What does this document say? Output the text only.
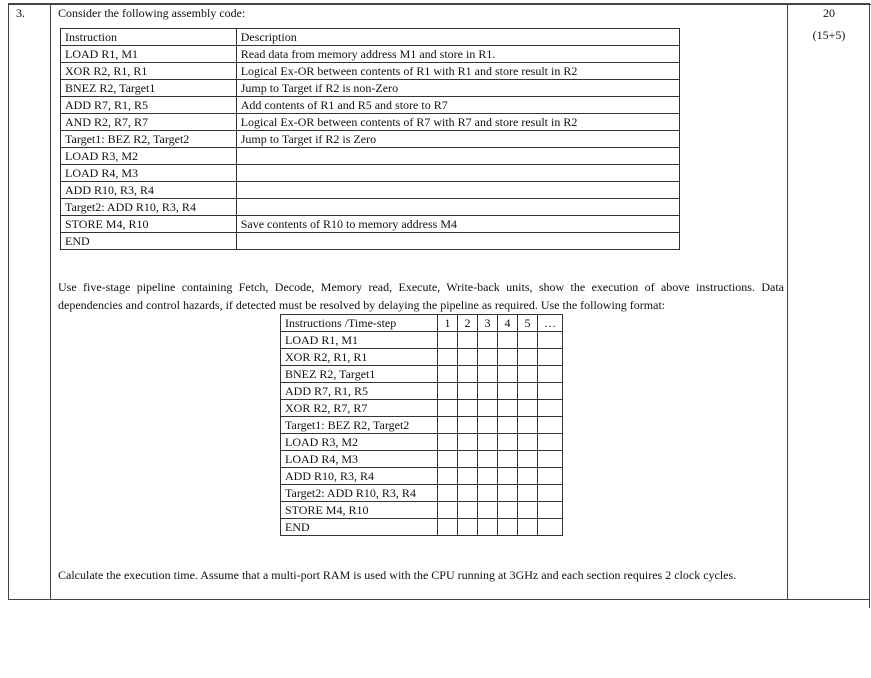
3.	20
(15+5)
Consider the following assembly code:
Instruction	Description
LOAD R1, M1	Read data from memory address M1 and store in R1.
XOR R2, R1, R1	Logical Ex-OR between contents of R1 with R1 and store result in R2
BNEZ R2, Target1	Jump to Target if R2 is non-Zero
ADD R7, R1, R5	Add contents of R1 and R5 and store to R7
AND R2, R7, R7	Logical Ex-OR between contents of R7 with R7 and store result in R2
Target1: BEZ R2, Target2	Jump to Target if R2 is Zero
LOAD R3, M2	
LOAD R4, M3	
ADD R10, R3, R4	
Target2: ADD R10, R3, R4	
STORE M4, R10	Save contents of R10 to memory address M4
END	
Use five-stage pipeline containing Fetch, Decode, Memory read, Execute, Write-back units, show the execution of above instructions. Data dependencies and control hazards, if detected must be resolved by delaying the pipeline as required. Use the following format:
Instructions /Time-step	1	2	3	4	5	…
LOAD R1, M1						
XOR R2, R1, R1						
BNEZ R2, Target1						
ADD R7, R1, R5						
XOR R2, R7, R7						
Target1: BEZ R2, Target2						
LOAD R3, M2						
LOAD R4, M3						
ADD R10, R3, R4						
Target2: ADD R10, R3, R4						
STORE M4, R10						
END						
Calculate the execution time. Assume that a multi-port RAM is used with the CPU running at 3GHz and each section requires 2 clock cycles.
